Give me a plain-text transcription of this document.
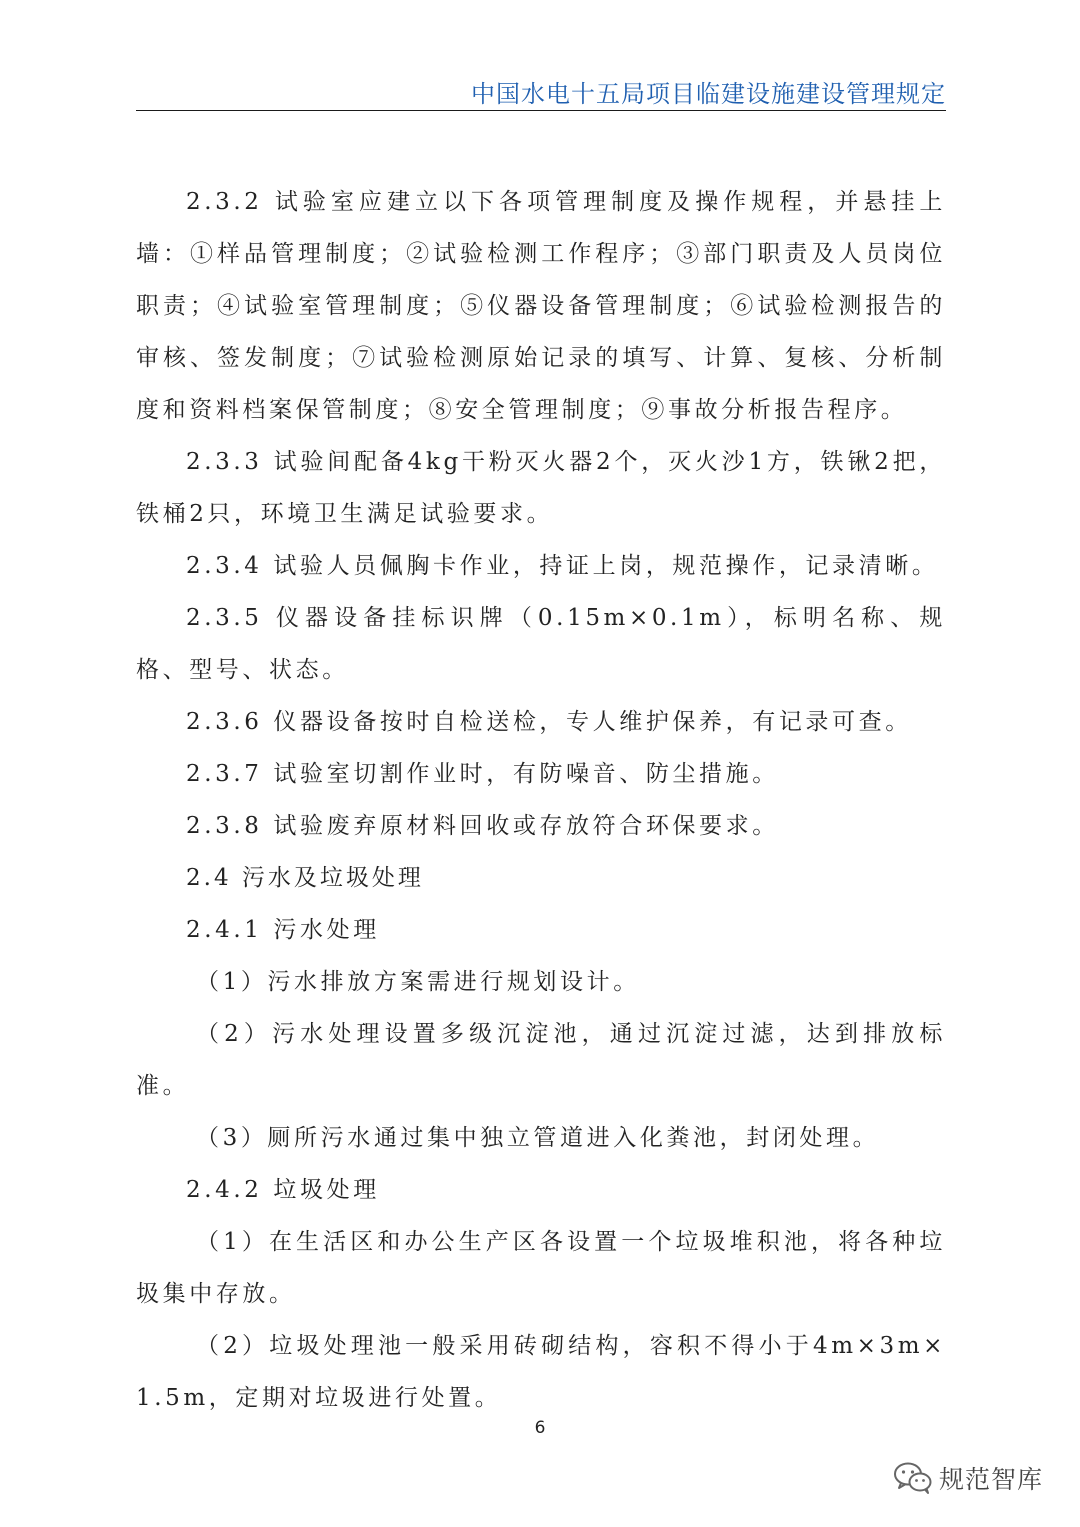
中国水电十五局项目临建设施建设管理规定

2.3.2 试验室应建立以下各项管理制度及操作规程，并悬挂上墙：①样品管理制度；②试验检测工作程序；③部门职责及人员岗位职责；④试验室管理制度；⑤仪器设备管理制度；⑥试验检测报告的审核、签发制度；⑦试验检测原始记录的填写、计算、复核、分析制度和资料档案保管制度；⑧安全管理制度；⑨事故分析报告程序。

2.3.3 试验间配备4kg干粉灭火器2个，灭火沙1方，铁锹2把，铁桶2只，环境卫生满足试验要求。

2.3.4 试验人员佩胸卡作业，持证上岗，规范操作，记录清晰。

2.3.5 仪器设备挂标识牌（0.15m×0.1m），标明名称、规格、型号、状态。

2.3.6 仪器设备按时自检送检，专人维护保养，有记录可查。

2.3.7 试验室切割作业时，有防噪音、防尘措施。

2.3.8 试验废弃原材料回收或存放符合环保要求。

2.4 污水及垃圾处理

2.4.1 污水处理

（1）污水排放方案需进行规划设计。

（2）污水处理设置多级沉淀池，通过沉淀过滤，达到排放标准。

（3）厕所污水通过集中独立管道进入化粪池，封闭处理。

2.4.2 垃圾处理

（1）在生活区和办公生产区各设置一个垃圾堆积池，将各种垃圾集中存放。

（2）垃圾处理池一般采用砖砌结构，容积不得小于4m×3m×1.5m，定期对垃圾进行处置。

6
规范智库
